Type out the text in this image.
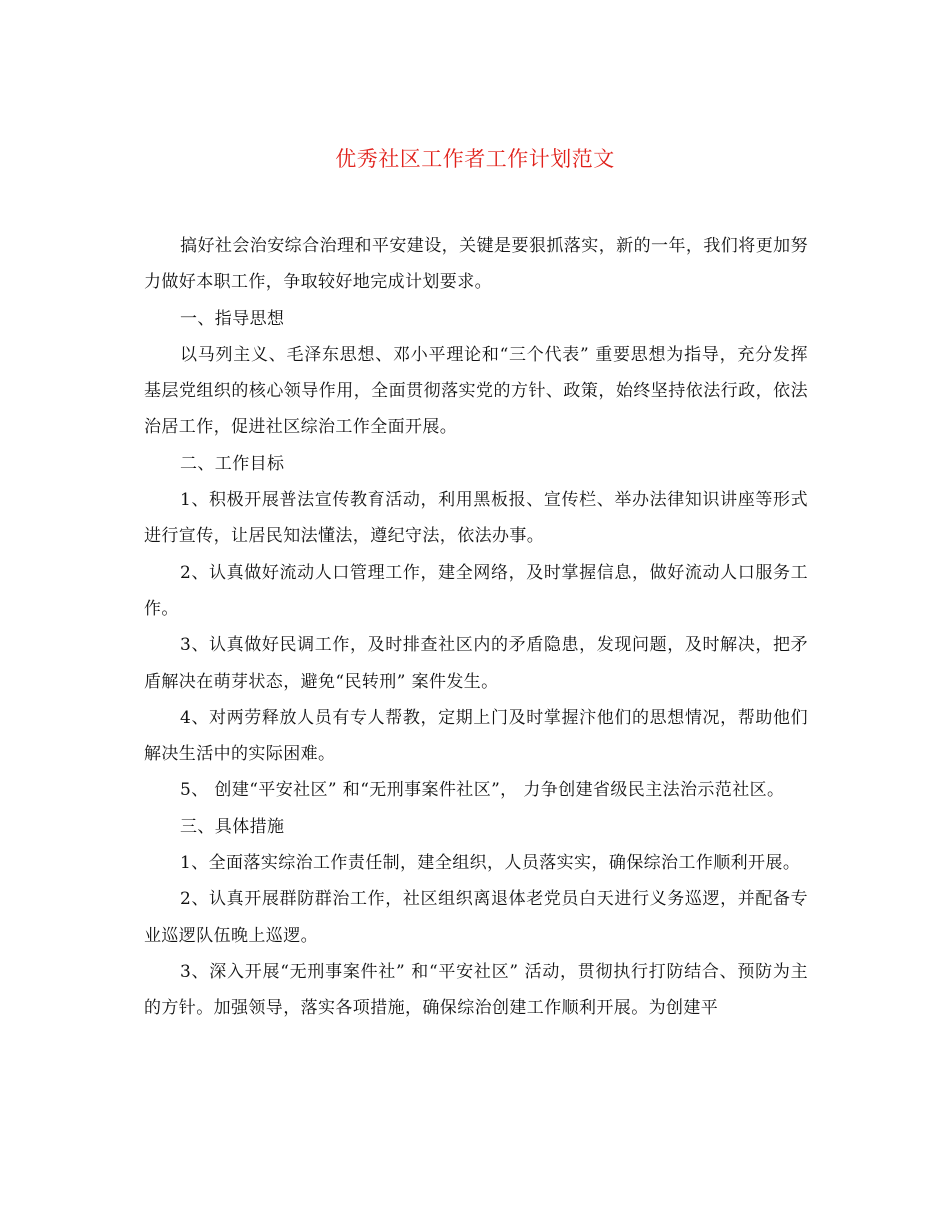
优秀社区工作者工作计划范文

搞好社会治安综合治理和平安建设，关键是要狠抓落实，新的一年，我们将更加努力做好本职工作，争取较好地完成计划要求。

一、指导思想

以马列主义、毛泽东思想、邓小平理论和“三个代表” 重要思想为指导，充分发挥基层党组织的核心领导作用，全面贯彻落实党的方针、政策，始终坚持依法行政，依法治居工作，促进社区综治工作全面开展。

二、工作目标

1、积极开展普法宣传教育活动，利用黑板报、宣传栏、举办法律知识讲座等形式进行宣传，让居民知法懂法，遵纪守法，依法办事。

2、认真做好流动人口管理工作，建全网络，及时掌握信息，做好流动人口服务工作。

3、认真做好民调工作，及时排查社区内的矛盾隐患，发现问题，及时解决，把矛盾解决在萌芽状态，避免“民转刑” 案件发生。

4、对两劳释放人员有专人帮教，定期上门及时掌握汴他们的思想情况，帮助他们解决生活中的实际困难。

5、 创建“平安社区” 和“无刑事案件社区”， 力争创建省级民主法治示范社区。

三、具体措施

1、全面落实综治工作责任制，建全组织，人员落实实，确保综治工作顺利开展。

2、认真开展群防群治工作，社区组织离退体老党员白天进行义务巡逻，并配备专业巡逻队伍晚上巡逻。

3、深入开展“无刑事案件社” 和“平安社区” 活动，贯彻执行打防结合、预防为主的方针。加强领导，落实各项措施，确保综治创建工作顺利开展。为创建平
